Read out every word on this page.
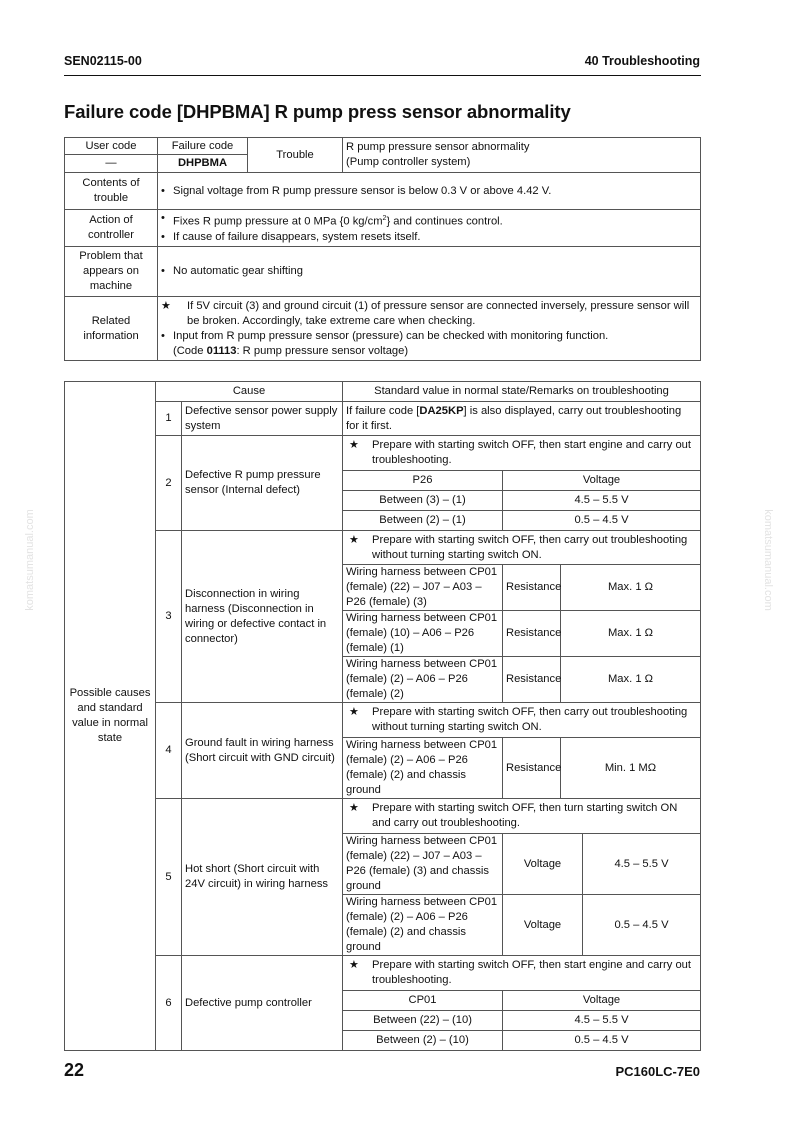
SEN02115-00	40 Troubleshooting
Failure code [DHPBMA] R pump press sensor abnormality
komatsumanual.com	komatsumanual.com
User code	Failure code	Trouble	R pump pressure sensor abnormality
(Pump controller system)

—	DHPBMA		
Contents of trouble	• Signal voltage from R pump pressure sensor is below 0.3 V or above 4.42 V.		

Action of controller	• Fixes R pump pressure at 0 MPa {0 $kg/cm^2$} and continues control.
• If cause of failure disappears, system resets itself.		

Problem that appears on machine	• No automatic gear shifting		

Related information	★ If 5V circuit (3) and ground circuit (1) of pressure sensor are connected inversely, pressure sensor will be broken. Accordingly, take extreme care when checking.
• Input from R pump pressure sensor (pressure) can be checked with monitoring function.
(Code 01113: R pump pressure sensor voltage)		
Possible causes and standard value in normal state	Cause		Standard value in normal state/Remarks on troubleshooting			
	1	Defective sensor power supply system	If failure code [DA25KP] is also displayed, carry out troubleshooting for it first.			
	2	Defective R pump pressure sensor (Internal defect)	★ Prepare with starting switch OFF, then start engine and carry out troubleshooting.			

			P26	Voltage		
			Between (3) – (1)	4.5 – 5.5 V		
			Between (2) – (1)	0.5 – 4.5 V		
	3	Disconnection in wiring harness (Disconnection in wiring or defective contact in connector)	★ Prepare with starting switch OFF, then carry out troubleshooting without turning starting switch ON.			

			Wiring harness between CP01 (female) (22) – J07 – A03 – P26 (female) (3)	Resistance	Max. 1 Ω	
			Wiring harness between CP01 (female) (10) – A06 – P26 (female) (1)	Resistance	Max. 1 Ω	
			Wiring harness between CP01 (female) (2) – A06 – P26 (female) (2)	Resistance	Max. 1 Ω	
	4	Ground fault in wiring harness (Short circuit with GND circuit)	★ Prepare with starting switch OFF, then carry out troubleshooting without turning starting switch ON.			

			Wiring harness between CP01 (female) (2) – A06 – P26 (female) (2) and chassis ground	Resistance	Min. 1 MΩ	
	5	Hot short (Short circuit with 24V circuit) in wiring harness	★ Prepare with starting switch OFF, then turn starting switch ON and carry out troubleshooting.			

			Wiring harness between CP01 (female) (22) – J07 – A03 – P26 (female) (3) and chassis ground	Voltage		4.5 – 5.5 V
			Wiring harness between CP01 (female) (2) – A06 – P26 (female) (2) and chassis ground	Voltage		0.5 – 4.5 V
	6	Defective pump controller	★ Prepare with starting switch OFF, then start engine and carry out troubleshooting.			

			CP01	Voltage		
			Between (22) – (10)	4.5 – 5.5 V		
			Between (2) – (10)	0.5 – 4.5 V		
22	PC160LC-7E0
